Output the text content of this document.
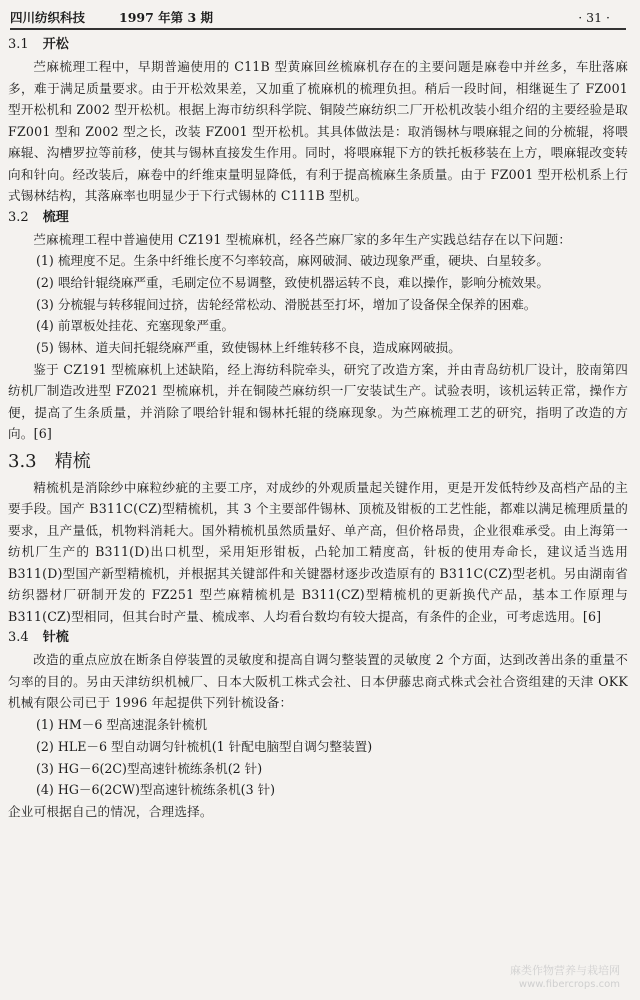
四川纺织科技	1997 年第 3 期	· 31 ·
3.1 开松

苎麻梳理工程中，早期普遍使用的 C11B 型黄麻回丝梳麻机存在的主要问题是麻卷中并丝多，车肚落麻多，难于满足质量要求。由于开松效果差，又加重了梳麻机的梳理负担。稍后一段时间，相继诞生了 FZ001 型开松机和 Z002 型开松机。根据上海市纺织科学院、铜陵苎麻纺织二厂开松机改装小组介绍的主要经验是取 FZ001 型和 Z002 型之长，改装 FZ001 型开松机。其具体做法是：取消锡林与喂麻辊之间的分梳辊，将喂麻辊、沟槽罗拉等前移，使其与锡林直接发生作用。同时，将喂麻辊下方的铁托板移装在上方，喂麻辊改变转向和针向。经改装后，麻卷中的纤维束量明显降低，有利于提高梳麻生条质量。由于 FZ001 型开松机系上行式锡林结构，其落麻率也明显少于下行式锡林的 C111B 型机。

3.2 梳理

苎麻梳理工程中普遍使用 CZ191 型梳麻机，经各苎麻厂家的多年生产实践总结存在以下问题：

(1) 梳理度不足。生条中纤维长度不匀率较高，麻网破洞、破边现象严重，硬块、白星较多。
(2) 喂给针辊绕麻严重，毛刷定位不易调整，致使机器运转不良，难以操作，影响分梳效果。
(3) 分梳辊与转移辊间过挤，齿轮经常松动、滑脱甚至打坏，增加了设备保全保养的困难。
(4) 前罩板处挂花、充塞现象严重。
(5) 锡林、道夫间托辊绕麻严重，致使锡林上纤维转移不良，造成麻网破损。

鉴于 CZ191 型梳麻机上述缺陷，经上海纺科院牵头，研究了改造方案，并由青岛纺机厂设计，胶南第四纺机厂制造改进型 FZ021 型梳麻机，并在铜陵苎麻纺织一厂安装试生产。试验表明，该机运转正常，操作方便，提高了生条质量，并消除了喂给针辊和锡林托辊的绕麻现象。为苎麻梳理工艺的研究，指明了改造的方向。[6]

3.3 精梳

精梳机是消除纱中麻粒纱疵的主要工序，对成纱的外观质量起关键作用，更是开发低特纱及高档产品的主要手段。国产 B311C(CZ)型精梳机，其 3 个主要部件锡林、顶梳及钳板的工艺性能，都难以满足梳理质量的要求，且产量低，机物料消耗大。国外精梳机虽然质量好、单产高，但价格昂贵，企业很难承受。由上海第一纺机厂生产的 B311(D)出口机型，采用矩形钳板，凸轮加工精度高，针板的使用寿命长，建议适当选用 B311(D)型国产新型精梳机，并根据其关键部件和关键器材逐步改造原有的 B311C(CZ)型老机。另由湖南省纺织器材厂研制开发的 FZ251 型苎麻精梳机是 B311(CZ)型精梳机的更新换代产品，基本工作原理与 B311(CZ)型相同，但其台时产量、梳成率、人均看台数均有较大提高，有条件的企业，可考虑选用。[6]

3.4 针梳

改造的重点应放在断条自停装置的灵敏度和提高自调匀整装置的灵敏度 2 个方面，达到改善出条的重量不匀率的目的。另由天津纺织机械厂、日本大阪机工株式会社、日本伊藤忠商式株式会社合资组建的天津 OKK 机械有限公司已于 1996 年起提供下列针梳设备：

(1) HM－6 型高速混条针梳机
(2) HLE－6 型自动调匀针梳机(1 针配电脑型自调匀整装置)
(3) HG－6(2C)型高速针梳练条机(2 针)
(4) HG－6(2CW)型高速针梳练条机(3 针)

企业可根据自己的情况，合理选择。

麻类作物营养与栽培网
www.fibercrops.com
